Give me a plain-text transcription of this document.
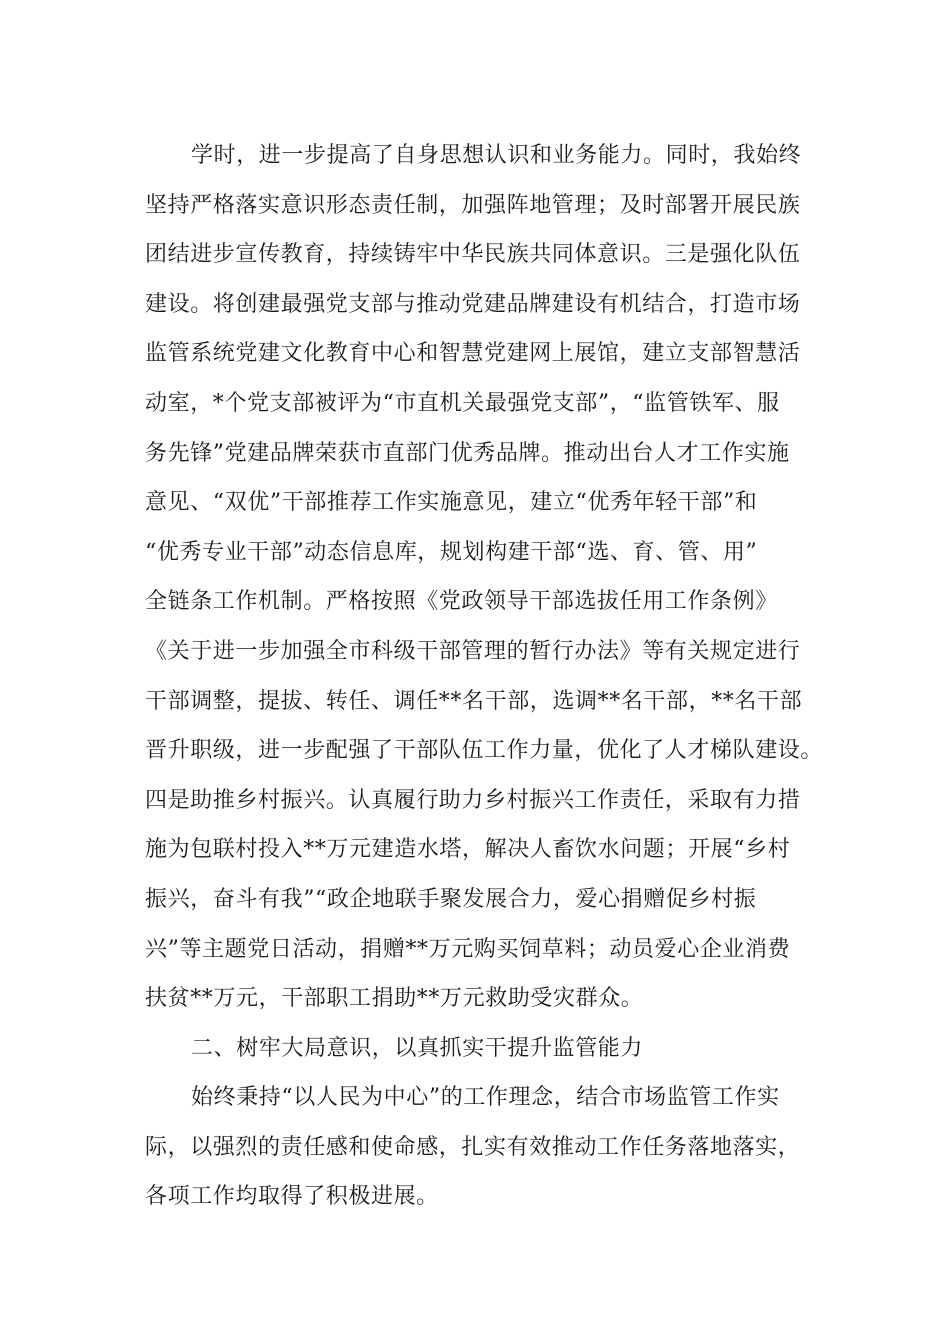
学时，进一步提高了自身思想认识和业务能力。同时，我始终
坚持严格落实意识形态责任制，加强阵地管理；及时部署开展民族
团结进步宣传教育，持续铸牢中华民族共同体意识。三是强化队伍
建设。将创建最强党支部与推动党建品牌建设有机结合，打造市场
监管系统党建文化教育中心和智慧党建网上展馆，建立支部智慧活
动室，*个党支部被评为“市直机关最强党支部”，“监管铁军、服
务先锋”党建品牌荣获市直部门优秀品牌。推动出台人才工作实施
意见、“双优”干部推荐工作实施意见，建立“优秀年轻干部”和
“优秀专业干部”动态信息库，规划构建干部“选、育、管、用”
全链条工作机制。严格按照《党政领导干部选拔任用工作条例》
《关于进一步加强全市科级干部管理的暂行办法》等有关规定进行
干部调整，提拔、转任、调任**名干部，选调**名干部，**名干部
晋升职级，进一步配强了干部队伍工作力量，优化了人才梯队建设。
四是助推乡村振兴。认真履行助力乡村振兴工作责任，采取有力措
施为包联村投入**万元建造水塔，解决人畜饮水问题；开展“乡村
振兴，奋斗有我”“政企地联手聚发展合力，爱心捐赠促乡村振
兴”等主题党日活动，捐赠**万元购买饲草料；动员爱心企业消费
扶贫**万元，干部职工捐助**万元救助受灾群众。
二、树牢大局意识，以真抓实干提升监管能力
始终秉持“以人民为中心”的工作理念，结合市场监管工作实
际，以强烈的责任感和使命感，扎实有效推动工作任务落地落实，
各项工作均取得了积极进展。
